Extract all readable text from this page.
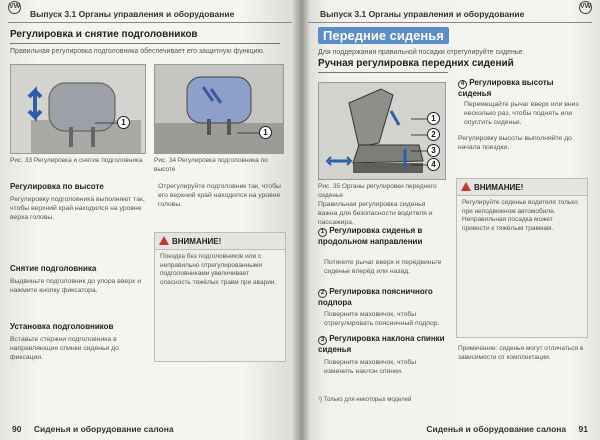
VW
Выпуск 3.1 Органы управления и оборудование
Регулировка и снятие подголовников
Правильная регулировка подголовника обеспечивает его защитную функцию.
1
Рис. 33 Регулировка и снятие подголовника
1
Рис. 34 Регулировка подголовника по высоте
Регулировка по высоте
Регулировку подголовника выполняют так, чтобы верхний край находился на уровне верха головы.
Снятие подголовника
Выдвиньте подголовник до упора вверх и нажмите кнопку фиксатора.
Установка подголовников
Вставьте стержни подголовника в направляющие спинки сиденья до фиксации.
Отрегулируйте подголовник так, чтобы его верхний край находился на уровне головы.
ВНИМАНИЕ!
Поездка без подголовников или с неправильно отрегулированными подголовниками увеличивает опасность тяжёлых травм при аварии.
90 Сиденья и оборудование салона
Выпуск 3.1 Органы управления и оборудование
VW
Передние сиденья
Для поддержания правильной посадки отрегулируйте сиденье.
Ручная регулировка передних сидений
1
2
3
4
Рис. 35 Органы регулировки переднего сиденья
Правильная регулировка сиденья важна для безопасности водителя и пассажира.
1 Регулировка сиденья в продольном направлении
Потяните рычаг вверх и передвиньте сиденье вперёд или назад.
2 Регулировка поясничного подпора
Поверните маховичок, чтобы отрегулировать поясничный подпор.
3 Регулировка наклона спинки сиденья
Поверните маховичок, чтобы изменить наклон спинки.
¹) Только для некоторых моделей
4 Регулировка высоты сиденья
Перемещайте рычаг вверх или вниз несколько раз, чтобы поднять или опустить сиденье.
Регулировку высоты выполняйте до начала поездки.
ВНИМАНИЕ!
Регулируйте сиденье водителя только при неподвижном автомобиле. Неправильная посадка может привести к тяжёлым травмам.
Примечание: сиденья могут отличаться в зависимости от комплектации.
Сиденья и оборудование салона 91
